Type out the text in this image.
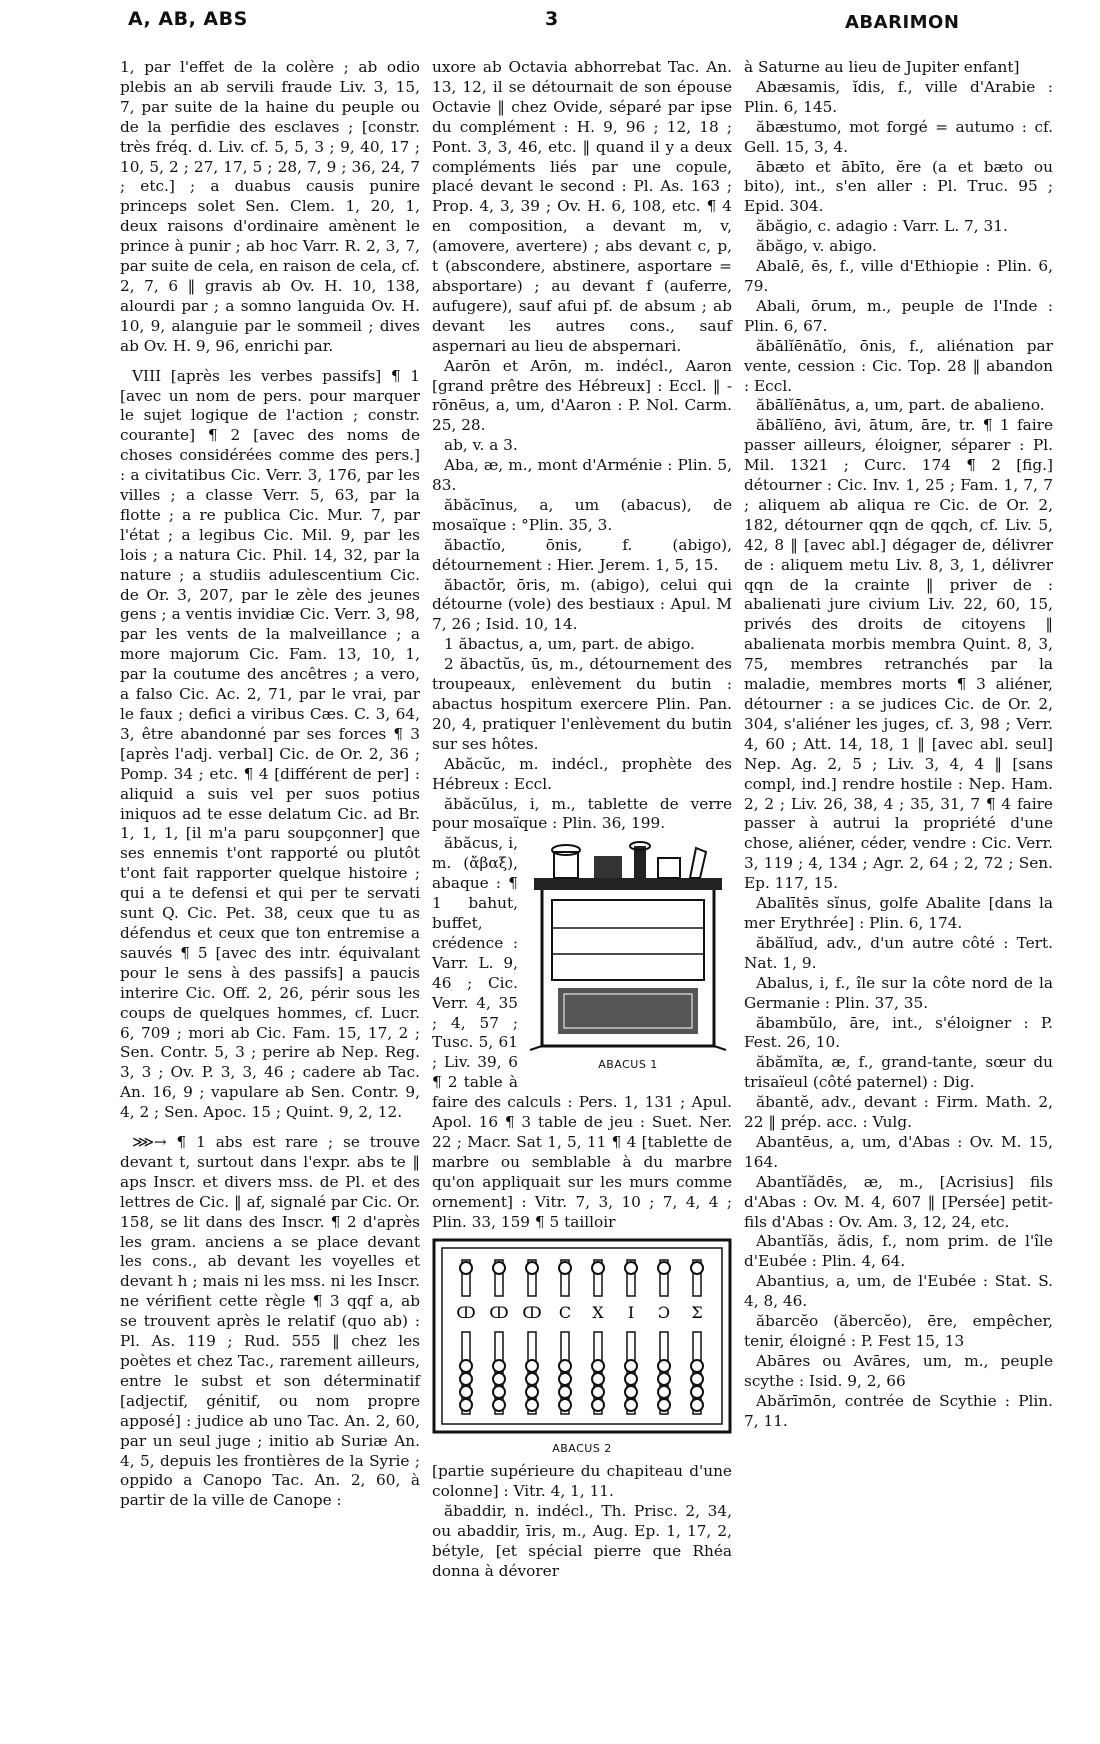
A, AB, ABS	3	ABARIMON

1, par l'effet de la colère ; ab odio plebis an ab servili fraude Liv. 3, 15, 7, par suite de la haine du peuple ou de la perfidie des esclaves ; [constr. très fréq. d. Liv. cf. 5, 5, 3 ; 9, 40, 17 ; 10, 5, 2 ; 27, 17, 5 ; 28, 7, 9 ; 36, 24, 7 ; etc.] ; a duabus causis punire princeps solet Sen. Clem. 1, 20, 1, deux raisons d'ordinaire amènent le prince à punir ; ab hoc Varr. R. 2, 3, 7, par suite de cela, en raison de cela, cf. 2, 7, 6 ‖ gravis ab Ov. H. 10, 138, alourdi par ; a somno languida Ov. H. 10, 9, alanguie par le sommeil ; dives ab Ov. H. 9, 96, enrichi par.

VIII [après les verbes passifs] ¶ 1 [avec un nom de pers. pour marquer le sujet logique de l'action ; constr. courante] ¶ 2 [avec des noms de choses considérées comme des pers.] : a civitatibus Cic. Verr. 3, 176, par les villes ; a classe Verr. 5, 63, par la flotte ; a re publica Cic. Mur. 7, par l'état ; a legibus Cic. Mil. 9, par les lois ; a natura Cic. Phil. 14, 32, par la nature ; a studiis adulescentium Cic. de Or. 3, 207, par le zèle des jeunes gens ; a ventis invidiæ Cic. Verr. 3, 98, par les vents de la malveillance ; a more majorum Cic. Fam. 13, 10, 1, par la coutume des ancêtres ; a vero, a falso Cic. Ac. 2, 71, par le vrai, par le faux ; defici a viribus Cæs. C. 3, 64, 3, être abandonné par ses forces ¶ 3 [après l'adj. verbal] Cic. de Or. 2, 36 ; Pomp. 34 ; etc. ¶ 4 [différent de per] : aliquid a suis vel per suos potius iniquos ad te esse delatum Cic. ad Br. 1, 1, 1, [il m'a paru soupçonner] que ses ennemis t'ont rapporté ou plutôt t'ont fait rapporter quelque histoire ; qui a te defensi et qui per te servati sunt Q. Cic. Pet. 38, ceux que tu as défendus et ceux que ton entremise a sauvés ¶ 5 [avec des intr. équivalant pour le sens à des passifs] a paucis interire Cic. Off. 2, 26, périr sous les coups de quelques hommes, cf. Lucr. 6, 709 ; mori ab Cic. Fam. 15, 17, 2 ; Sen. Contr. 5, 3 ; perire ab Nep. Reg. 3, 3 ; Ov. P. 3, 3, 46 ; cadere ab Tac. An. 16, 9 ; vapulare ab Sen. Contr. 9, 4, 2 ; Sen. Apoc. 15 ; Quint. 9, 2, 12.

⋙→ ¶ 1 abs est rare ; se trouve devant t, surtout dans l'expr. abs te ‖ aps Inscr. et divers mss. de Pl. et des lettres de Cic. ‖ af, signalé par Cic. Or. 158, se lit dans des Inscr. ¶ 2 d'après les gram. anciens a se place devant les cons., ab devant les voyelles et devant h ; mais ni les mss. ni les Inscr. ne vérifient cette règle ¶ 3 qqf a, ab se trouvent après le relatif (quo ab) : Pl. As. 119 ; Rud. 555 ‖ chez les poètes et chez Tac., rarement ailleurs, entre le subst et son déterminatif [adjectif, génitif, ou nom propre apposé] : judice ab uno Tac. An. 2, 60, par un seul juge ; initio ab Suriæ An. 4, 5, depuis les frontières de la Syrie ; oppido a Canopo Tac. An. 2, 60, à partir de la ville de Canope :

uxore ab Octavia abhorrebat Tac. An. 13, 12, il se détournait de son épouse Octavie ‖ chez Ovide, séparé par ipse du complément : H. 9, 96 ; 12, 18 ; Pont. 3, 3, 46, etc. ‖ quand il y a deux compléments liés par une copule, placé devant le second : Pl. As. 163 ; Prop. 4, 3, 39 ; Ov. H. 6, 108, etc. ¶ 4 en composition, a devant m, v, (amovere, avertere) ; abs devant c, p, t (abscondere, abstinere, asportare = absportare) ; au devant f (auferre, aufugere), sauf afui pf. de absum ; ab devant les autres cons., sauf aspernari au lieu de abspernari.

Aarōn et Arōn, m. indécl., Aaron [grand prêtre des Hébreux] : Eccl. ‖ -rōnēus, a, um, d'Aaron : P. Nol. Carm. 25, 28.

ab, v. a 3.

Aba, æ, m., mont d'Arménie : Plin. 5, 83.

ăbăcīnus, a, um (abacus), de mosaïque : °Plin. 35, 3.

ăbactĭo, ōnis, f. (abigo), détournement : Hier. Jerem. 1, 5, 15.

ăbactŏr, ōris, m. (abigo), celui qui détourne (vole) des bestiaux : Apul. M 7, 26 ; Isid. 10, 14.

1 ăbactus, a, um, part. de abigo.

2 ăbactŭs, ūs, m., détournement des troupeaux, enlèvement du butin : abactus hospitum exercere Plin. Pan. 20, 4, pratiquer l'enlèvement du butin sur ses hôtes.

Abăcŭc, m. indécl., prophète des Hébreux : Eccl.

ăbăcŭlus, i, m., tablette de verre pour mosaïque : Plin. 36, 199.

ABACUS 1

ăbăcus, i, m. (ἄβαξ), abaque : ¶ 1 bahut, buffet, crédence : Varr. L. 9, 46 ; Cic. Verr. 4, 35 ; 4, 57 ; Tusc. 5, 61 ; Liv. 39, 6 ¶ 2 table à faire des calculs : Pers. 1, 131 ; Apul. Apol. 16 ¶ 3 table de jeu : Suet. Ner. 22 ; Macr. Sat 1, 5, 11 ¶ 4 [tablette de marbre ou semblable à du marbre qu'on appliquait sur les murs comme ornement] : Vitr. 7, 3, 10 ; 7, 4, 4 ; Plin. 33, 159 ¶ 5 tailloir

ↀ ↀ ↀ C X I Ɔ Σ
ABACUS 2

[partie supérieure du chapiteau d'une colonne] : Vitr. 4, 1, 11.

ăbaddir, n. indécl., Th. Prisc. 2, 34, ou abaddir, īris, m., Aug. Ep. 1, 17, 2, bétyle, [et spécial pierre que Rhéa donna à dévorer

à Saturne au lieu de Jupiter enfant]

Abæsamis, ĭdis, f., ville d'Arabie : Plin. 6, 145.

ăbæstumo, mot forgé = autumo : cf. Gell. 15, 3, 4.

ābæto et ābīto, ĕre (a et bæto ou bito), int., s'en aller : Pl. Truc. 95 ; Epid. 304.

ăbăgio, c. adagio : Varr. L. 7, 31.

ăbăgo, v. abigo.

Abalē, ēs, f., ville d'Ethiopie : Plin. 6, 79.

Abali, ōrum, m., peuple de l'Inde : Plin. 6, 67.

ăbālĭēnātĭo, ōnis, f., aliénation par vente, cession : Cic. Top. 28 ‖ abandon : Eccl.

ăbālĭēnātus, a, um, part. de abalieno.

ăbālĭēno, āvi, ātum, āre, tr. ¶ 1 faire passer ailleurs, éloigner, séparer : Pl. Mil. 1321 ; Curc. 174 ¶ 2 [fig.] détourner : Cic. Inv. 1, 25 ; Fam. 1, 7, 7 ; aliquem ab aliqua re Cic. de Or. 2, 182, détourner qqn de qqch, cf. Liv. 5, 42, 8 ‖ [avec abl.] dégager de, délivrer de : aliquem metu Liv. 8, 3, 1, délivrer qqn de la crainte ‖ priver de : abalienati jure civium Liv. 22, 60, 15, privés des droits de citoyens ‖ abalienata morbis membra Quint. 8, 3, 75, membres retranchés par la maladie, membres morts ¶ 3 aliéner, détourner : a se judices Cic. de Or. 2, 304, s'aliéner les juges, cf. 3, 98 ; Verr. 4, 60 ; Att. 14, 18, 1 ‖ [avec abl. seul] Nep. Ag. 2, 5 ; Liv. 3, 4, 4 ‖ [sans compl, ind.] rendre hostile : Nep. Ham. 2, 2 ; Liv. 26, 38, 4 ; 35, 31, 7 ¶ 4 faire passer à autrui la propriété d'une chose, aliéner, céder, vendre : Cic. Verr. 3, 119 ; 4, 134 ; Agr. 2, 64 ; 2, 72 ; Sen. Ep. 117, 15.

Abalītēs sĭnus, golfe Abalite [dans la mer Erythrée] : Plin. 6, 174.

ăbălĭud, adv., d'un autre côté : Tert. Nat. 1, 9.

Abalus, i, f., île sur la côte nord de la Germanie : Plin. 37, 35.

ăbambŭlo, āre, int., s'éloigner : P. Fest. 26, 10.

ăbămĭta, æ, f., grand-tante, sœur du trisaïeul (côté paternel) : Dig.

ăbantĕ, adv., devant : Firm. Math. 2, 22 ‖ prép. acc. : Vulg.

Abantēus, a, um, d'Abas : Ov. M. 15, 164.

Abantĭădēs, æ, m., [Acrisius] fils d'Abas : Ov. M. 4, 607 ‖ [Persée] petit-fils d'Abas : Ov. Am. 3, 12, 24, etc.

Abantĭăs, ădis, f., nom prim. de l'île d'Eubée : Plin. 4, 64.

Abantius, a, um, de l'Eubée : Stat. S. 4, 8, 46.

ăbarcĕo (ăbercĕo), ēre, empêcher, tenir, éloigné : P. Fest 15, 13

Abāres ou Avāres, um, m., peuple scythe : Isid. 9, 2, 66

Abărīmōn, contrée de Scythie : Plin. 7, 11.
